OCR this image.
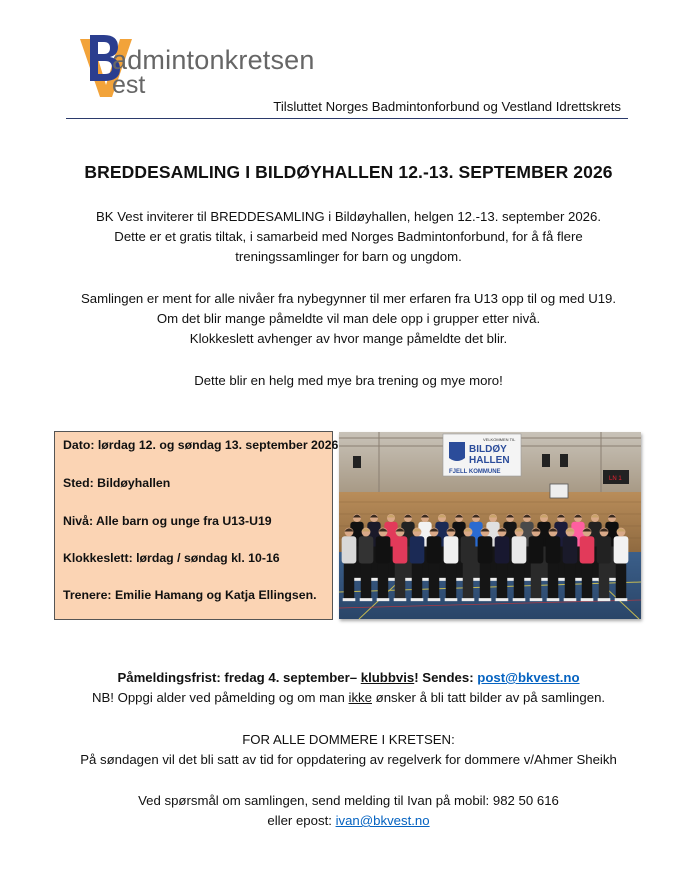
admintonkretsen
est
Tilsluttet Norges Badmintonforbund og Vestland Idrettskrets
BREDDESAMLING I BILDØYHALLEN 12.-13. SEPTEMBER 2026
BK Vest inviterer til BREDDESAMLING i Bildøyhallen, helgen 12.-13. september 2026.
Dette er et gratis tiltak, i samarbeid med Norges Badmintonforbund, for å få flere
treningssamlinger for barn og ungdom.
Samlingen er ment for alle nivåer fra nybegynner til mer erfaren fra U13 opp til og med U19.
Om det blir mange påmeldte vil man dele opp i grupper etter nivå.
Klokkeslett avhenger av hvor mange påmeldte det blir.
Dette blir en helg med mye bra trening og mye moro!
Dato: lørdag 12. og søndag 13. september 2026
Sted: Bildøyhallen
Nivå: Alle barn og unge fra U13-U19
Klokkeslett: lørdag / søndag kl. 10-16
Trenere: Emilie Hamang og Katja Ellingsen.
VELKOMMEN TIL
BILDØY
HALLEN
FJELL KOMMUNE
LN 1
Påmeldingsfrist: fredag 4. september– klubbvis! Sendes: post@bkvest.no
NB! Oppgi alder ved påmelding og om man ikke ønsker å bli tatt bilder av på samlingen.
FOR ALLE DOMMERE I KRETSEN:
På søndagen vil det bli satt av tid for oppdatering av regelverk for dommere v/Ahmer Sheikh
Ved spørsmål om samlingen, send melding til Ivan på mobil: 982 50 616
eller epost: ivan@bkvest.no
